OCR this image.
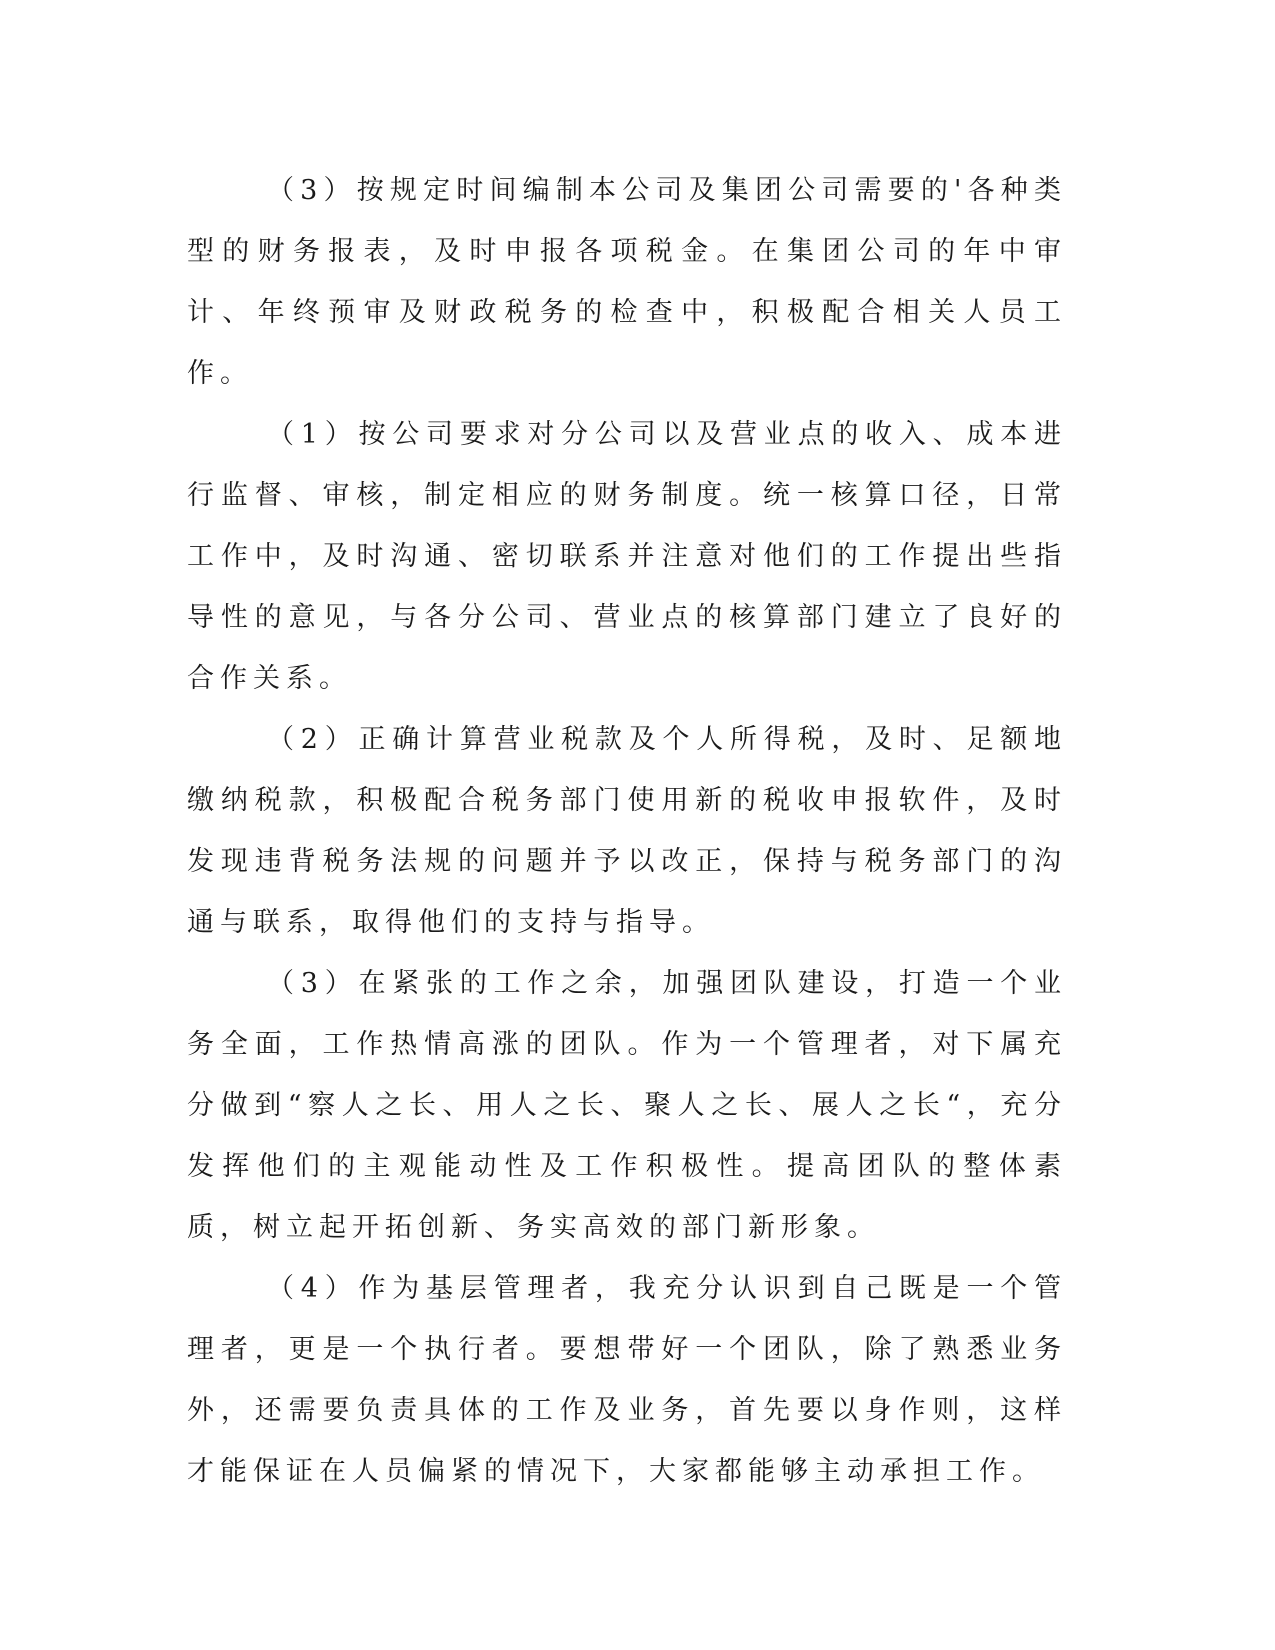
（3）按规定时间编制本公司及集团公司需要的'各种类型的财务报表，及时申报各项税金。在集团公司的年中审计、年终预审及财政税务的检查中，积极配合相关人员工作。

（1）按公司要求对分公司以及营业点的收入、成本进行监督、审核，制定相应的财务制度。统一核算口径，日常工作中，及时沟通、密切联系并注意对他们的工作提出些指导性的意见，与各分公司、营业点的核算部门建立了良好的合作关系。

（2）正确计算营业税款及个人所得税，及时、足额地缴纳税款，积极配合税务部门使用新的税收申报软件，及时发现违背税务法规的问题并予以改正，保持与税务部门的沟通与联系，取得他们的支持与指导。

（3）在紧张的工作之余，加强团队建设，打造一个业务全面，工作热情高涨的团队。作为一个管理者，对下属充分做到“察人之长、用人之长、聚人之长、展人之长“，充分发挥他们的主观能动性及工作积极性。提高团队的整体素质，树立起开拓创新、务实高效的部门新形象。

（4）作为基层管理者，我充分认识到自己既是一个管理者，更是一个执行者。要想带好一个团队，除了熟悉业务外，还需要负责具体的工作及业务，首先要以身作则，这样才能保证在人员偏紧的情况下，大家都能够主动承担工作。
